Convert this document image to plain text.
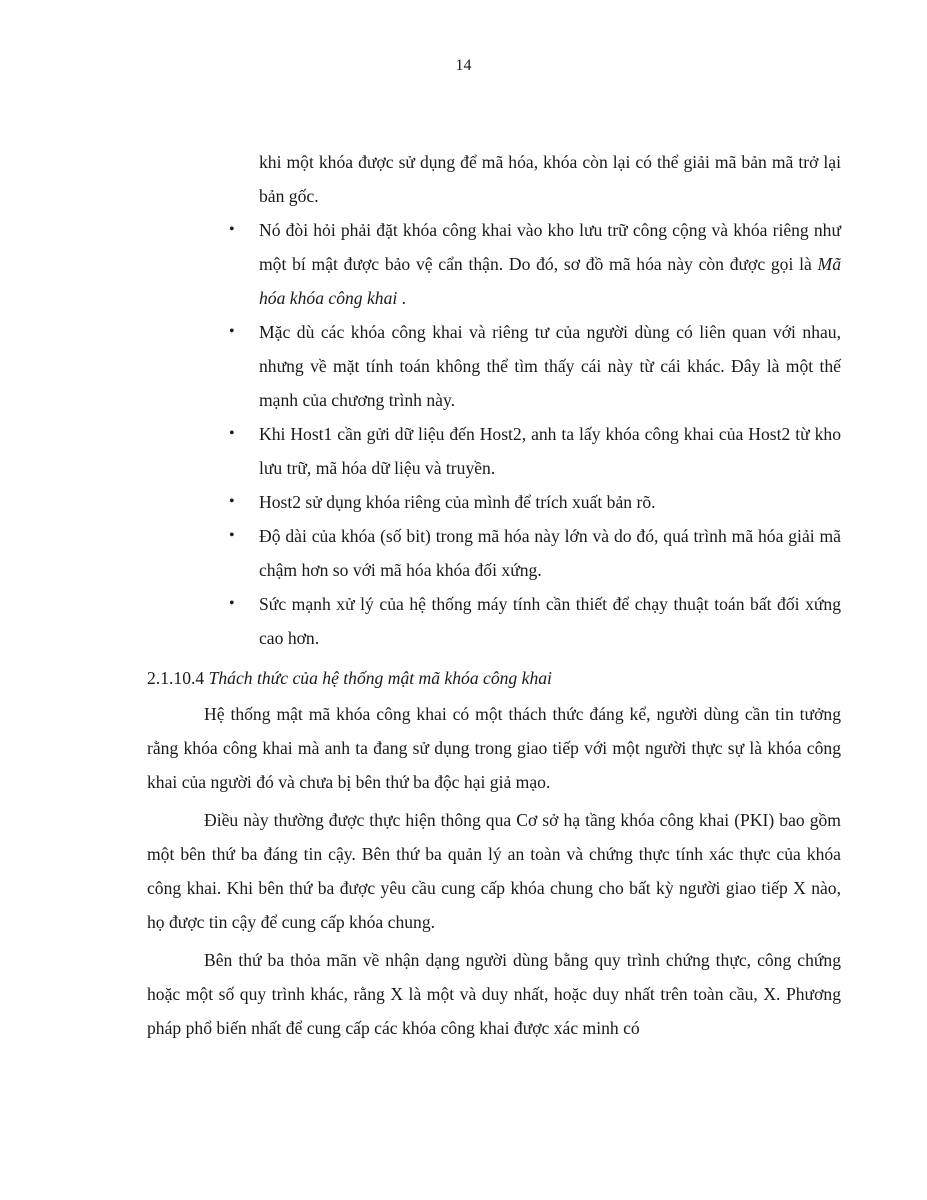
14

khi một khóa được sử dụng để mã hóa, khóa còn lại có thể giải mã bản mã trở lại bản gốc.

• Nó đòi hỏi phải đặt khóa công khai vào kho lưu trữ công cộng và khóa riêng như một bí mật được bảo vệ cẩn thận. Do đó, sơ đồ mã hóa này còn được gọi là Mã hóa khóa công khai .
• Mặc dù các khóa công khai và riêng tư của người dùng có liên quan với nhau, nhưng về mặt tính toán không thể tìm thấy cái này từ cái khác. Đây là một thế mạnh của chương trình này.
• Khi Host1 cần gửi dữ liệu đến Host2, anh ta lấy khóa công khai của Host2 từ kho lưu trữ, mã hóa dữ liệu và truyền.
• Host2 sử dụng khóa riêng của mình để trích xuất bản rõ.
• Độ dài của khóa (số bit) trong mã hóa này lớn và do đó, quá trình mã hóa giải mã chậm hơn so với mã hóa khóa đối xứng.
• Sức mạnh xử lý của hệ thống máy tính cần thiết để chạy thuật toán bất đối xứng cao hơn.

2.1.10.4 Thách thức của hệ thống mật mã khóa công khai

Hệ thống mật mã khóa công khai có một thách thức đáng kể, người dùng cần tin tưởng rằng khóa công khai mà anh ta đang sử dụng trong giao tiếp với một người thực sự là khóa công khai của người đó và chưa bị bên thứ ba độc hại giả mạo.

Điều này thường được thực hiện thông qua Cơ sở hạ tầng khóa công khai (PKI) bao gồm một bên thứ ba đáng tin cậy. Bên thứ ba quản lý an toàn và chứng thực tính xác thực của khóa công khai. Khi bên thứ ba được yêu cầu cung cấp khóa chung cho bất kỳ người giao tiếp X nào, họ được tin cậy để cung cấp khóa chung.

Bên thứ ba thỏa mãn về nhận dạng người dùng bằng quy trình chứng thực, công chứng hoặc một số quy trình khác, rằng X là một và duy nhất, hoặc duy nhất trên toàn cầu, X. Phương pháp phổ biến nhất để cung cấp các khóa công khai được xác minh có
